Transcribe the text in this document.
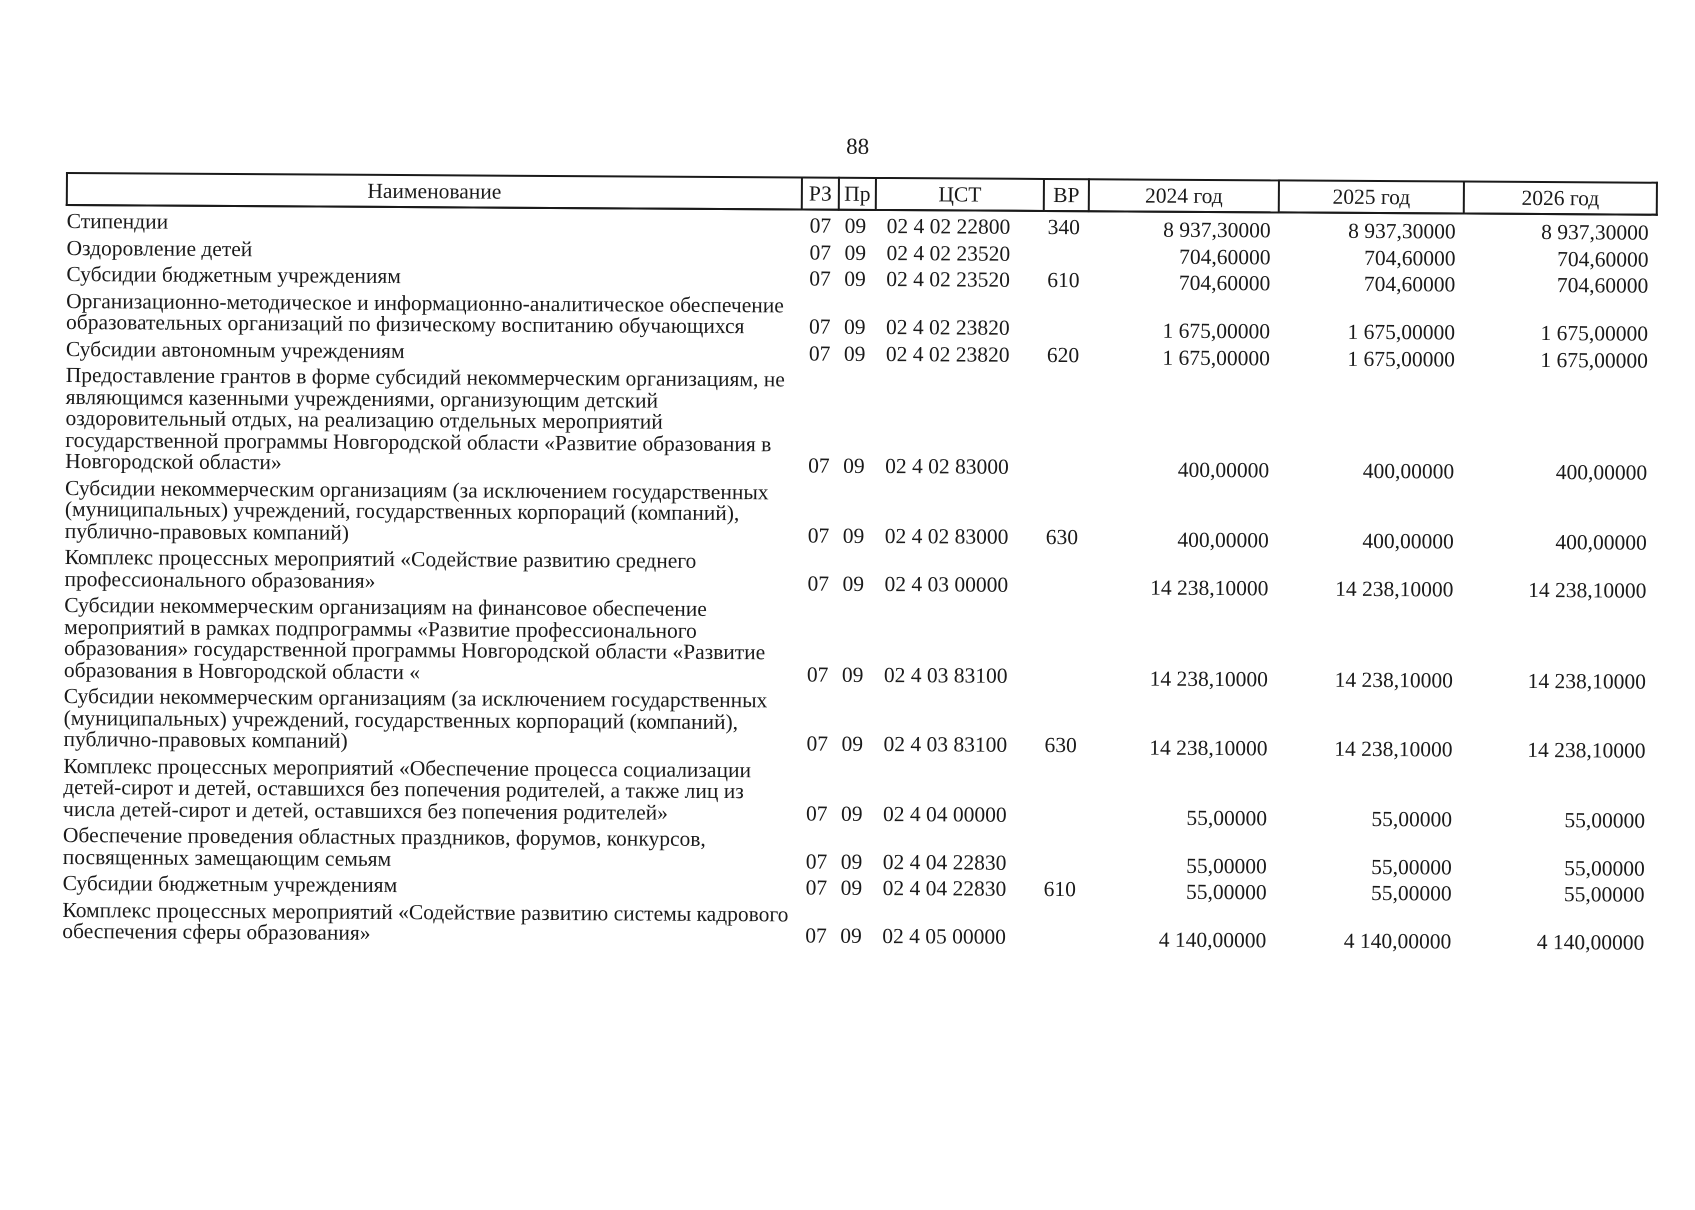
88
Наименование	РЗ	Пр	ЦСТ	ВР	2024 год	2025 год	2026 год
Стипендии	07	09	02 4 02 22800	340	8 937,30000	8 937,30000	8 937,30000
Оздоровление детей	07	09	02 4 02 23520		704,60000	704,60000	704,60000
Субсидии бюджетным учреждениям	07	09	02 4 02 23520	610	704,60000	704,60000	704,60000
Организационно-методическое и информационно-аналитическое обеспечение образовательных организаций по физическому воспитанию обучающихся	07	09	02 4 02 23820		1 675,00000	1 675,00000	1 675,00000
Субсидии автономным учреждениям	07	09	02 4 02 23820	620	1 675,00000	1 675,00000	1 675,00000
Предоставление грантов в форме субсидий некоммерческим организациям, не являющимся казенными учреждениями, организующим детский оздоровительный отдых, на реализацию отдельных мероприятий государственной программы Новгородской области «Развитие образования в Новгородской области»	07	09	02 4 02 83000		400,00000	400,00000	400,00000
Субсидии некоммерческим организациям (за исключением государственных (муниципальных) учреждений, государственных корпораций (компаний), публично-правовых компаний)	07	09	02 4 02 83000	630	400,00000	400,00000	400,00000
Комплекс процессных мероприятий «Содействие развитию среднего профессионального образования»	07	09	02 4 03 00000		14 238,10000	14 238,10000	14 238,10000
Субсидии некоммерческим организациям на финансовое обеспечение мероприятий в рамках подпрограммы «Развитие профессионального образования» государственной программы Новгородской области «Развитие образования в Новгородской области «	07	09	02 4 03 83100		14 238,10000	14 238,10000	14 238,10000
Субсидии некоммерческим организациям (за исключением государственных (муниципальных) учреждений, государственных корпораций (компаний), публично-правовых компаний)	07	09	02 4 03 83100	630	14 238,10000	14 238,10000	14 238,10000
Комплекс процессных мероприятий «Обеспечение процесса социализации детей-сирот и детей, оставшихся без попечения родителей, а также лиц из числа детей-сирот и детей, оставшихся без попечения родителей»	07	09	02 4 04 00000		55,00000	55,00000	55,00000
Обеспечение проведения областных праздников, форумов, конкурсов, посвященных замещающим семьям	07	09	02 4 04 22830		55,00000	55,00000	55,00000
Субсидии бюджетным учреждениям	07	09	02 4 04 22830	610	55,00000	55,00000	55,00000
Комплекс процессных мероприятий «Содействие развитию системы кадрового обеспечения сферы образования»	07	09	02 4 05 00000		4 140,00000	4 140,00000	4 140,00000
